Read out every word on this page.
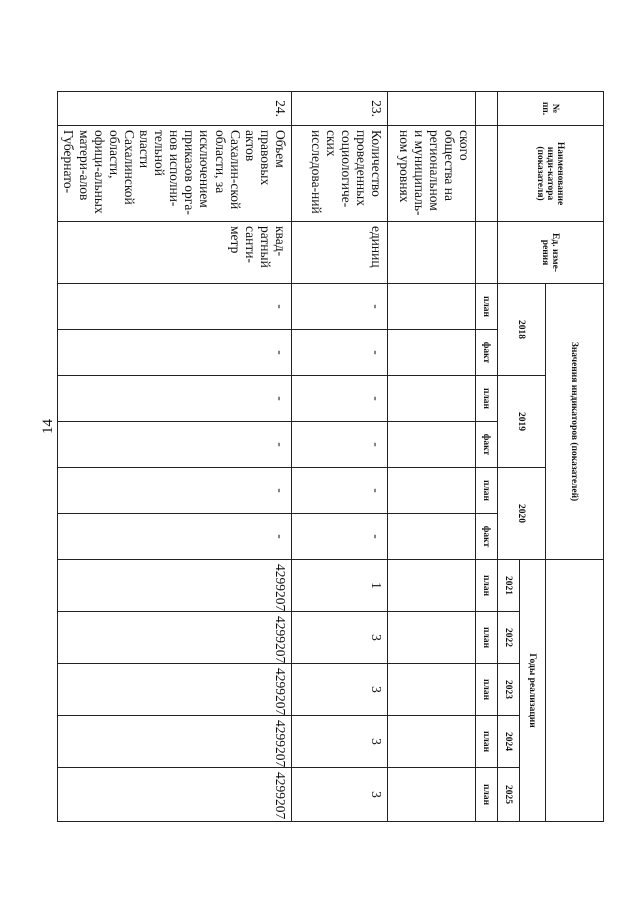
14
№ пп.	Наименование инди-катора (показателя)	Ед. изме-рения	Значения индикаторов (показателей)										
			2018		2019		2020		Годы реализации				
									2021	2022	2023	2024	2025
			план	факт	план	факт	план	факт	план	план	план	план	план
	ского общества на региональном и муниципаль-ном уровнях												
23.	Количество проведенных социологиче-ских исследова-ний	единиц	-	-	-	-	-	-	1	3	3	3	3
24.	Объем правовых актов Сахалин-ской области, за исключением приказов орга-нов исполни-тельной власти Сахалинской области, офици-альных матери-алов Губернато-	квад-ратный санти-метр	-	-	-	-	-	-	4299207	4299207	4299207	4299207	4299207
